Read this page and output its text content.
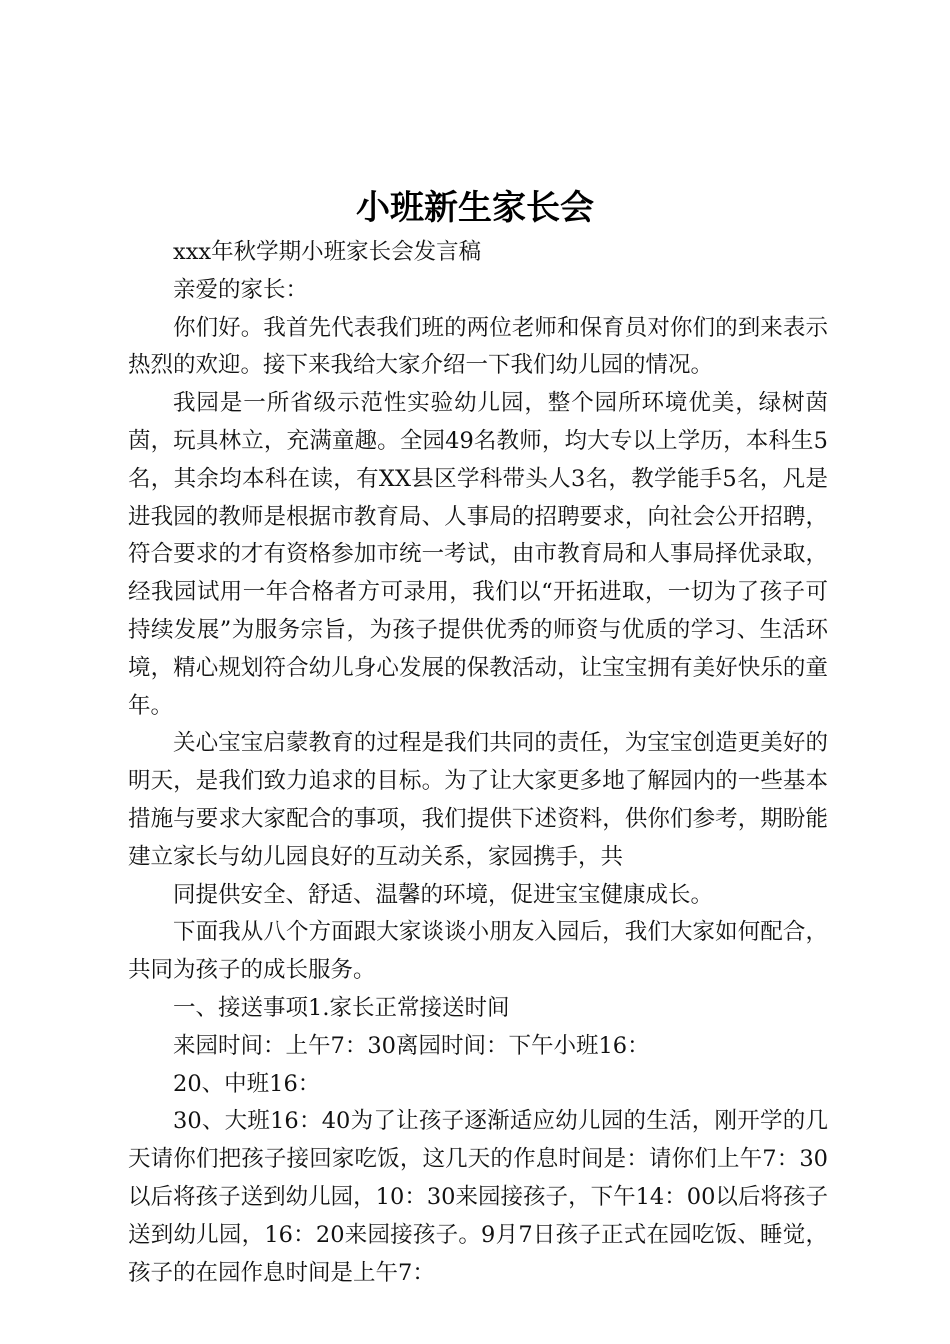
小班新生家长会

xxx年秋学期小班家长会发言稿

亲爱的家长：

你们好。我首先代表我们班的两位老师和保育员对你们的到来表示热烈的欢迎。接下来我给大家介绍一下我们幼儿园的情况。

我园是一所省级示范性实验幼儿园，整个园所环境优美，绿树茵茵，玩具林立，充满童趣。全园49名教师，均大专以上学历，本科生5名，其余均本科在读，有XX县区学科带头人3名，教学能手5名，凡是进我园的教师是根据市教育局、人事局的招聘要求，向社会公开招聘，符合要求的才有资格参加市统一考试，由市教育局和人事局择优录取，经我园试用一年合格者方可录用，我们以“开拓进取，一切为了孩子可持续发展”为服务宗旨，为孩子提供优秀的师资与优质的学习、生活环境，精心规划符合幼儿身心发展的保教活动，让宝宝拥有美好快乐的童年。

关心宝宝启蒙教育的过程是我们共同的责任，为宝宝创造更美好的明天，是我们致力追求的目标。为了让大家更多地了解园内的一些基本措施与要求大家配合的事项，我们提供下述资料，供你们参考，期盼能建立家长与幼儿园良好的互动关系，家园携手，共

同提供安全、舒适、温馨的环境，促进宝宝健康成长。

下面我从八个方面跟大家谈谈小朋友入园后，我们大家如何配合，共同为孩子的成长服务。

一、接送事项1.家长正常接送时间

来园时间：上午7：30离园时间：下午小班16：

20、中班16：

30、大班16：40为了让孩子逐渐适应幼儿园的生活，刚开学的几天请你们把孩子接回家吃饭，这几天的作息时间是：请你们上午7：30以后将孩子送到幼儿园，10：30来园接孩子，下午14：00以后将孩子送到幼儿园，16：20来园接孩子。9月7日孩子正式在园吃饭、睡觉，孩子的在园作息时间是上午7：
